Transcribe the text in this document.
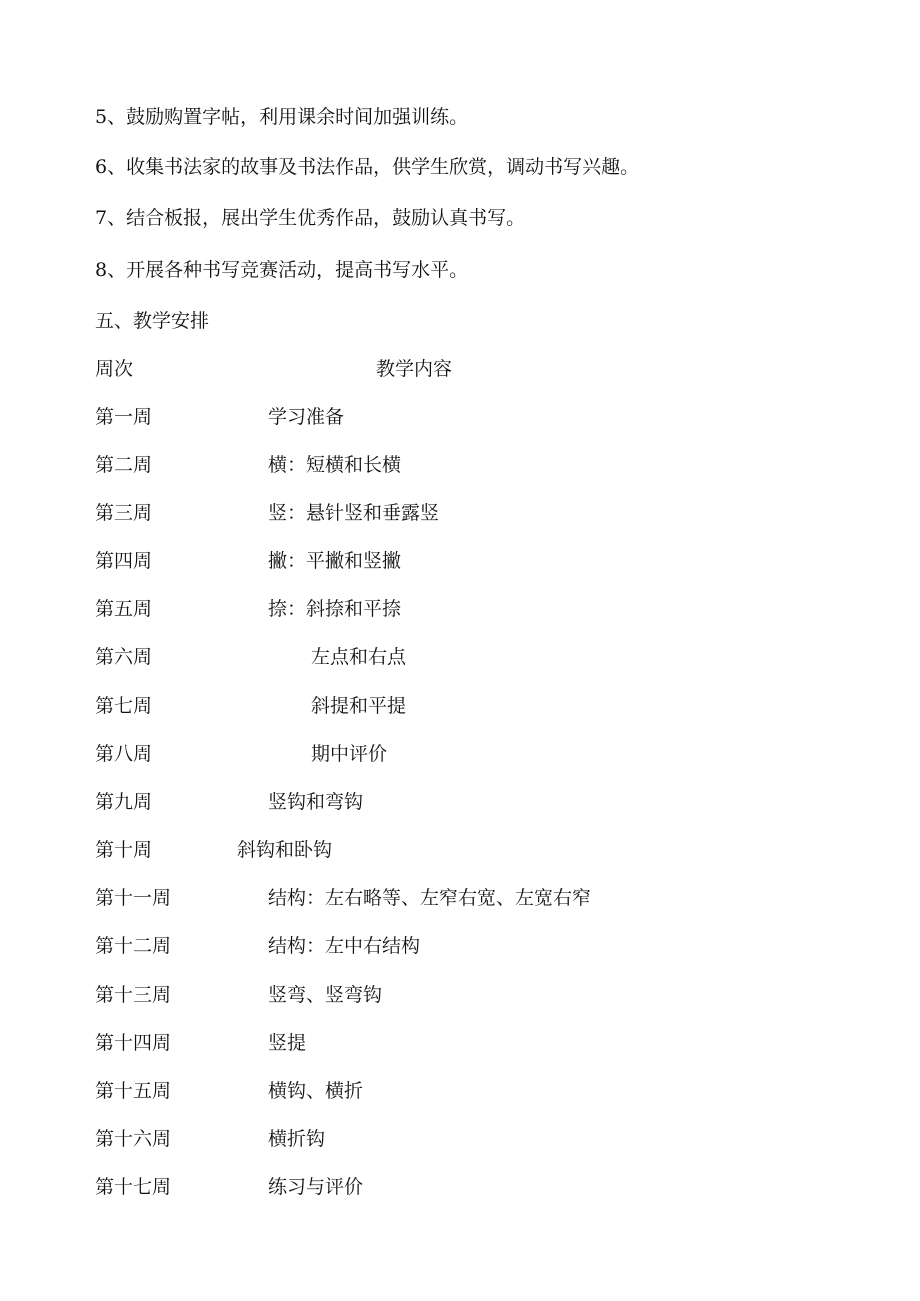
5、鼓励购置字帖，利用课余时间加强训练。
6、收集书法家的故事及书法作品，供学生欣赏，调动书写兴趣。
7、结合板报，展出学生优秀作品，鼓励认真书写。
8、开展各种书写竞赛活动，提高书写水平。
五、教学安排
周次	教学内容
第一周	学习准备
第二周	横：短横和长横
第三周	竖：悬针竖和垂露竖
第四周	撇：平撇和竖撇
第五周	捺：斜捺和平捺
第六周	左点和右点
第七周	斜提和平提
第八周	期中评价
第九周	竖钩和弯钩
第十周	斜钩和卧钩
第十一周	结构：左右略等、左窄右宽、左宽右窄
第十二周	结构：左中右结构
第十三周	竖弯、竖弯钩
第十四周	竖提
第十五周	横钩、横折
第十六周	横折钩
第十七周	练习与评价
